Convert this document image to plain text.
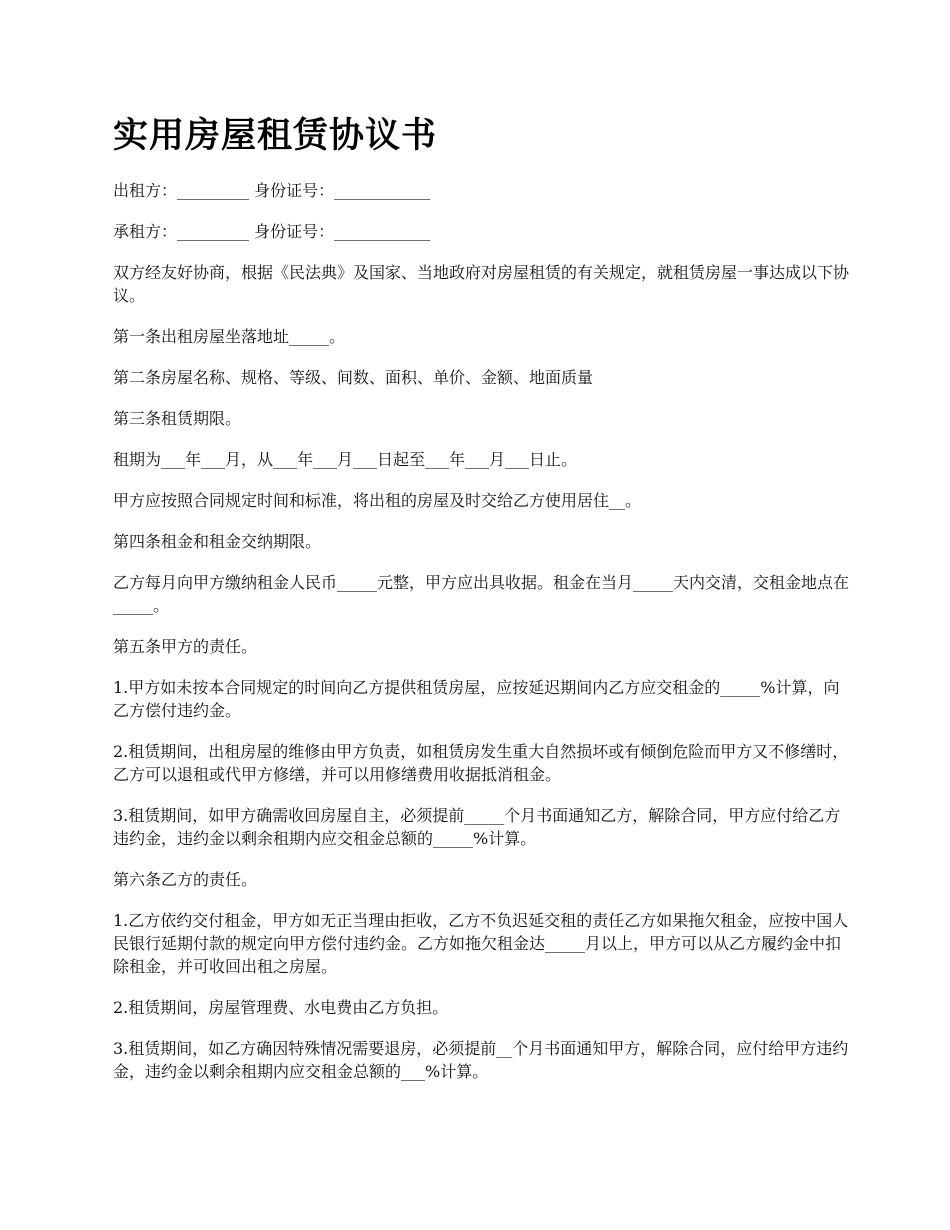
实用房屋租赁协议书

出租方：_________ 身份证号：____________

承租方：_________ 身份证号：____________

双方经友好协商，根据《民法典》及国家、当地政府对房屋租赁的有关规定，就租赁房屋一事达成以下协议。

第一条出租房屋坐落地址_____。

第二条房屋名称、规格、等级、间数、面积、单价、金额、地面质量

第三条租赁期限。

租期为___年___月，从___年___月___日起至___年___月___日止。

甲方应按照合同规定时间和标准，将出租的房屋及时交给乙方使用居住__。

第四条租金和租金交纳期限。

乙方每月向甲方缴纳租金人民币_____元整，甲方应出具收据。租金在当月_____天内交清，交租金地点在_____。

第五条甲方的责任。

1.甲方如未按本合同规定的时间向乙方提供租赁房屋，应按延迟期间内乙方应交租金的_____%计算，向乙方偿付违约金。

2.租赁期间，出租房屋的维修由甲方负责，如租赁房发生重大自然损坏或有倾倒危险而甲方又不修缮时，乙方可以退租或代甲方修缮，并可以用修缮费用收据抵消租金。

3.租赁期间，如甲方确需收回房屋自主，必须提前_____个月书面通知乙方，解除合同，甲方应付给乙方违约金，违约金以剩余租期内应交租金总额的_____%计算。

第六条乙方的责任。

1.乙方依约交付租金，甲方如无正当理由拒收，乙方不负迟延交租的责任乙方如果拖欠租金，应按中国人民银行延期付款的规定向甲方偿付违约金。乙方如拖欠租金达_____月以上，甲方可以从乙方履约金中扣除租金，并可收回出租之房屋。

2.租赁期间，房屋管理费、水电费由乙方负担。

3.租赁期间，如乙方确因特殊情况需要退房，必须提前__个月书面通知甲方，解除合同，应付给甲方违约金，违约金以剩余租期内应交租金总额的___%计算。
